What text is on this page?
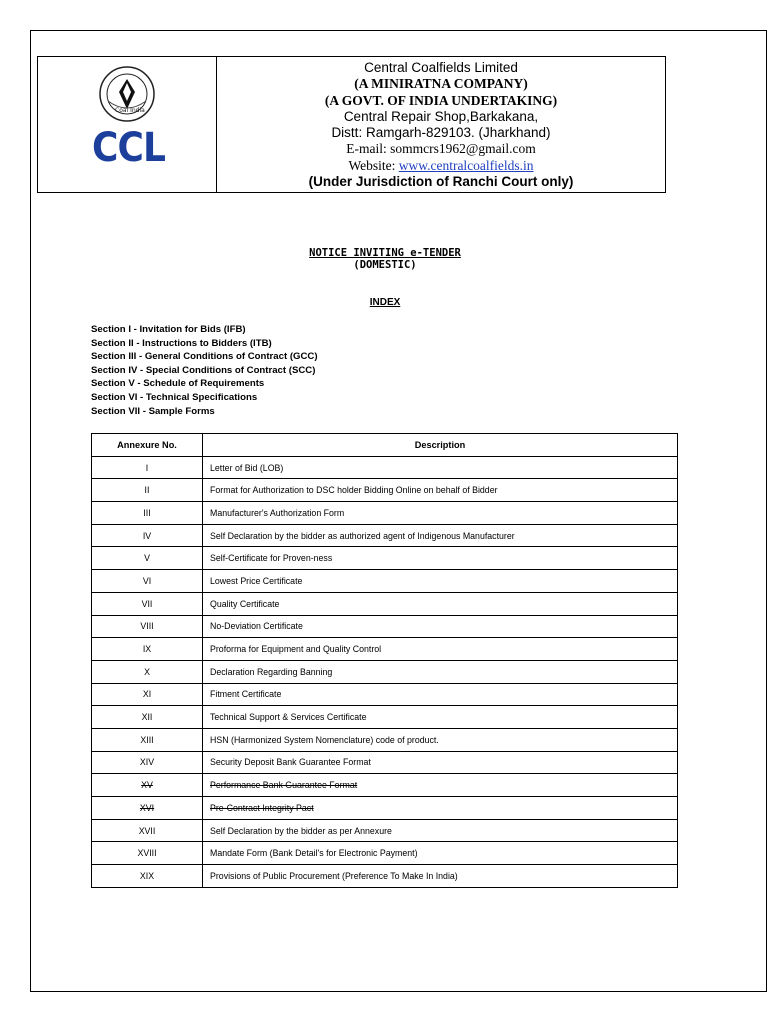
Coal India
CCL
Central Coalfields Limited
(A MINIRATNA COMPANY)
(A GOVT. OF INDIA UNDERTAKING)
Central Repair Shop,Barkakana,
Distt: Ramgarh-829103. (Jharkhand)
E-mail: sommcrs1962@gmail.com
Website: www.centralcoalfields.in
(Under Jurisdiction of Ranchi Court only)
NOTICE INVITING e-TENDER
(DOMESTIC)
INDEX
Section I - Invitation for Bids (IFB)
Section II - Instructions to Bidders (ITB)
Section III - General Conditions of Contract (GCC)
Section IV - Special Conditions of Contract (SCC)
Section V - Schedule of Requirements
Section VI - Technical Specifications
Section VII - Sample Forms
Annexure No.	Description
I	Letter of Bid (LOB)
II	Format for Authorization to DSC holder Bidding Online on behalf of Bidder
III	Manufacturer's Authorization Form
IV	Self Declaration by the bidder as authorized agent of Indigenous Manufacturer
V	Self-Certificate for Proven-ness
VI	Lowest Price Certificate
VII	Quality Certificate
VIII	No-Deviation Certificate
IX	Proforma for Equipment and Quality Control
X	Declaration Regarding Banning
XI	Fitment Certificate
XII	Technical Support & Services Certificate
XIII	HSN (Harmonized System Nomenclature) code of product.
XIV	Security Deposit Bank Guarantee Format
XV	Performance Bank Guarantee Format
XVI	Pre-Contract Integrity Pact
XVII	Self Declaration by the bidder as per Annexure
XVIII	Mandate Form (Bank Detail's for Electronic Payment)
XIX	Provisions of Public Procurement (Preference To Make In India)
